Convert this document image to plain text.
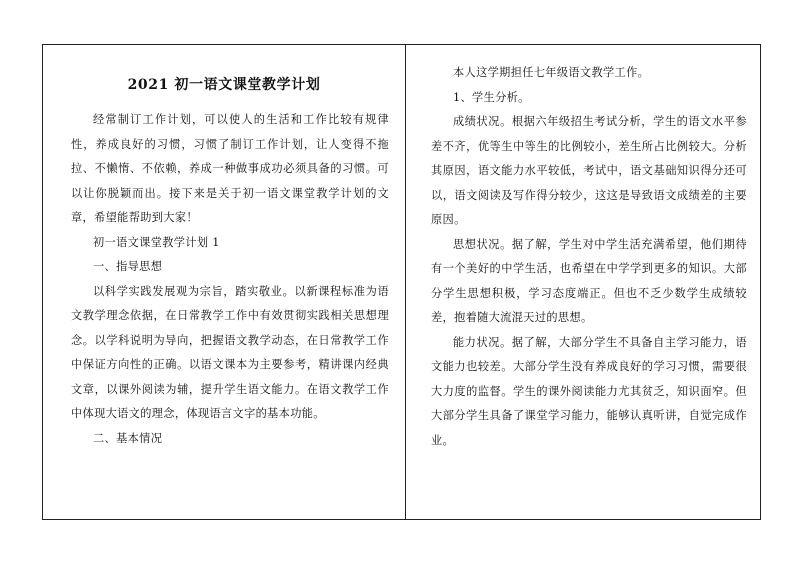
2021 初一语文课堂教学计划

经常制订工作计划，可以使人的生活和工作比较有规律性，养成良好的习惯，习惯了制订工作计划，让人变得不拖拉、不懒惰、不依赖，养成一种做事成功必须具备的习惯。可以让你脱颖而出。接下来是关于初一语文课堂教学计划的文章，希望能帮助到大家！

初一语文课堂教学计划 1

一、指导思想

以科学实践发展观为宗旨，踏实敬业。以新课程标准为语文教学理念依据，在日常教学工作中有效贯彻实践相关思想理念。以学科说明为导向，把握语文教学动态，在日常教学工作中保证方向性的正确。以语文课本为主要参考，精讲课内经典文章，以课外阅读为辅，提升学生语文能力。在语文教学工作中体现大语文的理念，体现语言文字的基本功能。

二、基本情况

本人这学期担任七年级语文教学工作。

1、学生分析。

成绩状况。根据六年级招生考试分析，学生的语文水平参差不齐，优等生中等生的比例较小，差生所占比例较大。分析其原因，语文能力水平较低，考试中，语文基础知识得分还可以，语文阅读及写作得分较少，这这是导致语文成绩差的主要原因。

思想状况。据了解，学生对中学生活充满希望，他们期待有一个美好的中学生活，也希望在中学学到更多的知识。大部分学生思想积极，学习态度端正。但也不乏少数学生成绩较差，抱着随大流混天过的思想。

能力状况。据了解，大部分学生不具备自主学习能力，语文能力也较差。大部分学生没有养成良好的学习习惯，需要很大力度的监督。学生的课外阅读能力尤其贫乏，知识面窄。但大部分学生具备了课堂学习能力，能够认真听讲，自觉完成作业。
